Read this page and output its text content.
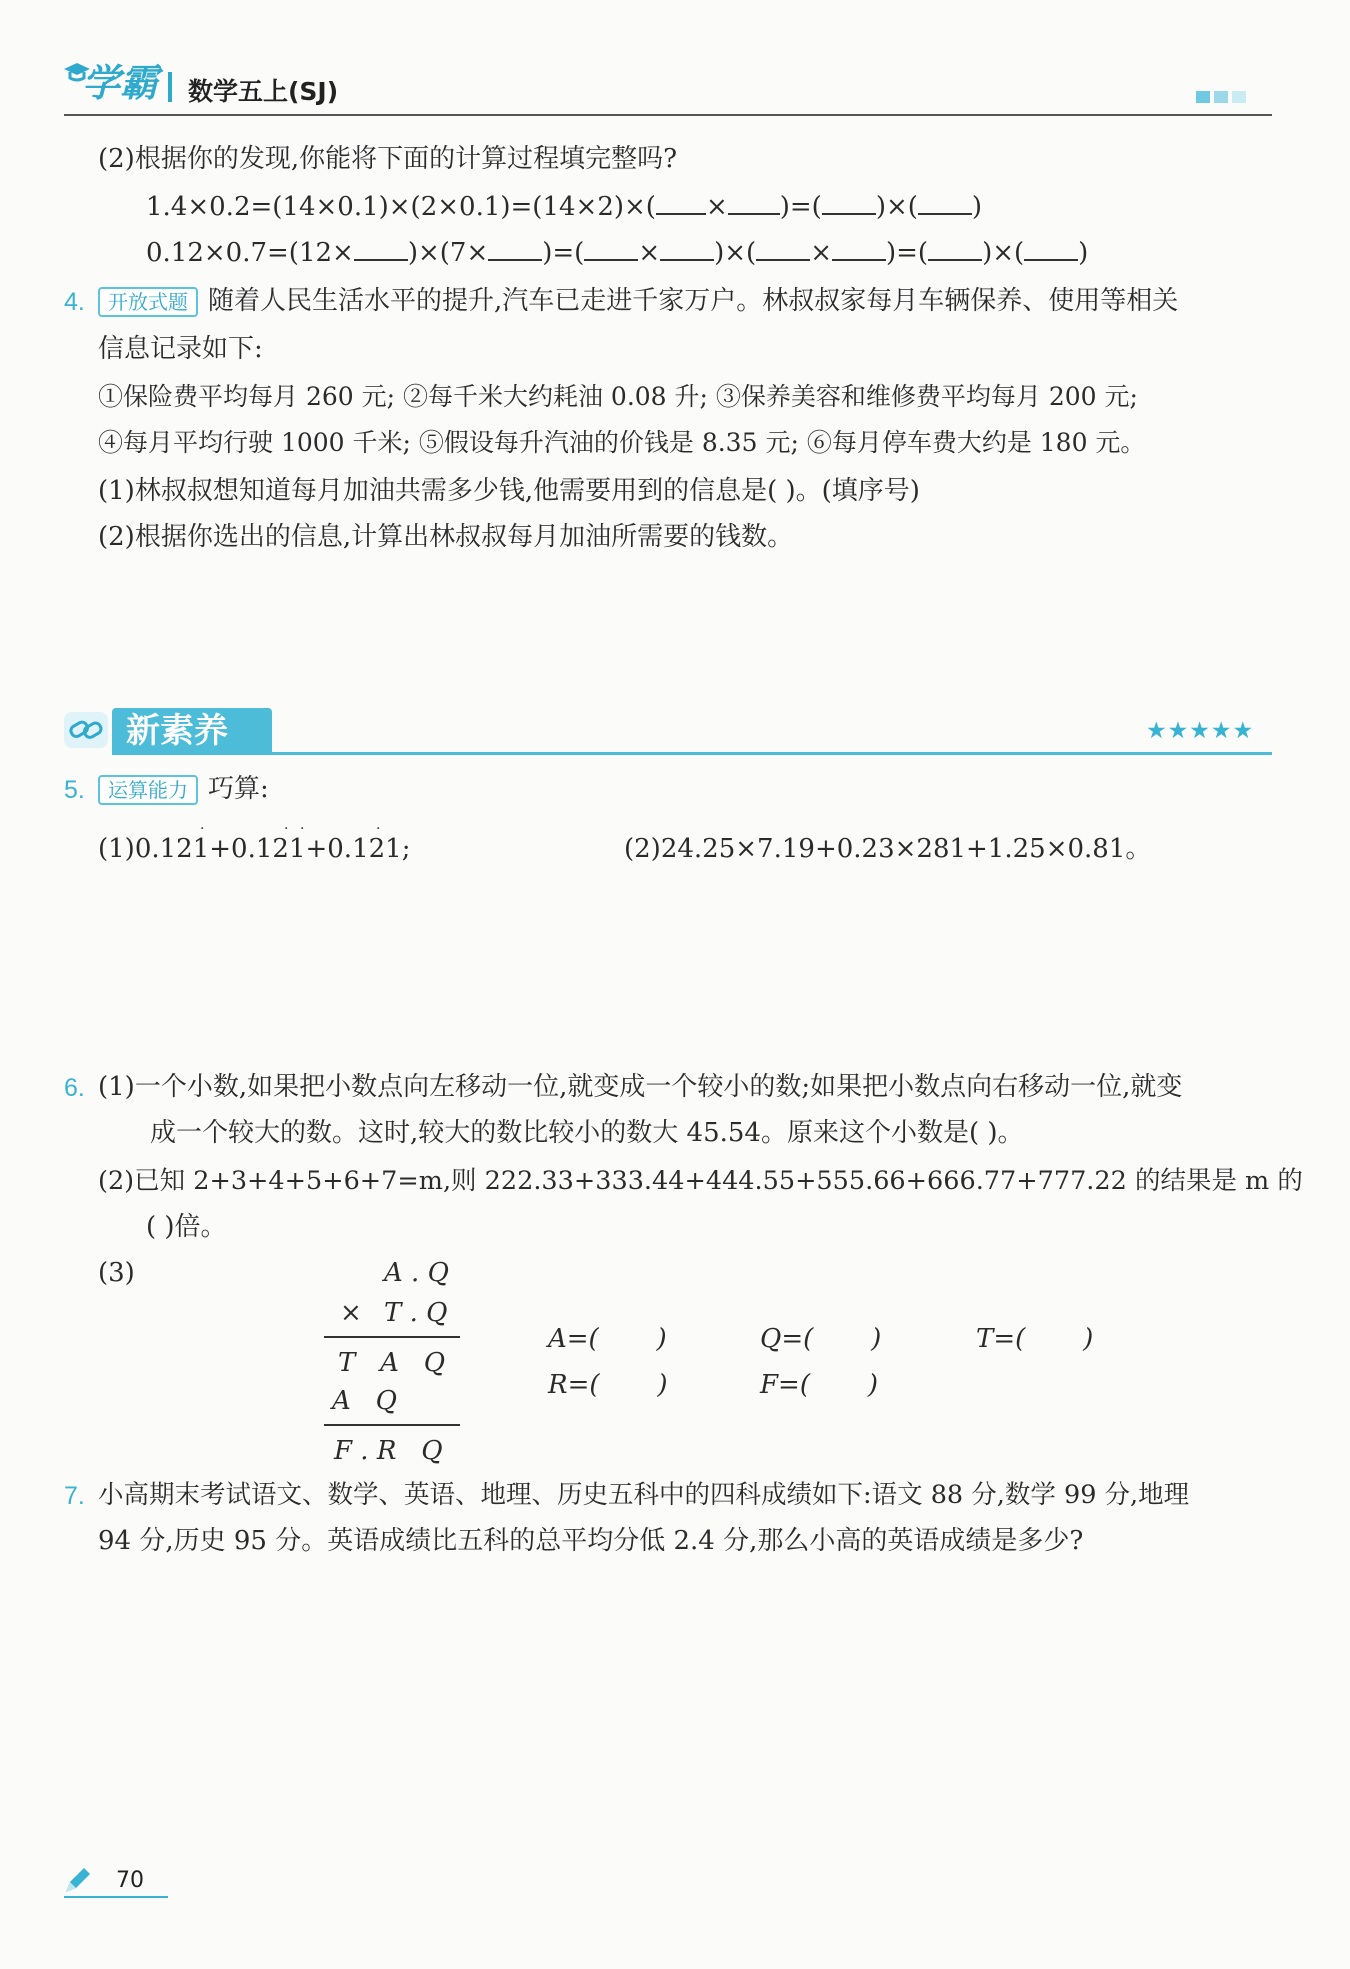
学霸 数学五上(SJ)
(2)根据你的发现,你能将下面的计算过程填完整吗?
1.4×0.2=(14×0.1)×(2×0.1)=(14×2)×( × )=( )×( )
0.12×0.7=(12× )×(7× )=( × )×( × )=( )×( )
4.	开放式题 随着人民生活水平的提升,汽车已走进千家万户。林叔叔家每月车辆保养、使用等相关
信息记录如下:
①保险费平均每月 260 元; ②每千米大约耗油 0.08 升; ③保养美容和维修费平均每月 200 元;
④每月平均行驶 1000 千米; ⑤假设每升汽油的价钱是 8.35 元; ⑥每月停车费大约是 180 元。
(1)林叔叔想知道每月加油共需多少钱,他需要用到的信息是( )。(填序号)
(2)根据你选出的信息,计算出林叔叔每月加油所需要的钱数。
新素养	★★★★★
5.	运算能力 巧算:
·	· ·	·
(1)0.121+0.121+0.121;	(2)24.25×7.19+0.23×281+1.25×0.81。
6. (1)一个小数,如果把小数点向左移动一位,就变成一个较小的数;如果把小数点向右移动一位,就变
成一个较大的数。这时,较大的数比较小的数大 45.54。原来这个小数是( )。
(2)已知 2+3+4+5+6+7=m,则 222.33+333.44+444.55+555.66+666.77+777.22 的结果是 m 的
( )倍。
(3)	A . Q
× T . Q
T   A   Q
A   Q
F . R   Q
A=(       )	Q=(       )	T=(       )
R=(       )	F=(       )
7. 小高期末考试语文、数学、英语、地理、历史五科中的四科成绩如下:语文 88 分,数学 99 分,地理
94 分,历史 95 分。英语成绩比五科的总平均分低 2.4 分,那么小高的英语成绩是多少?
70
